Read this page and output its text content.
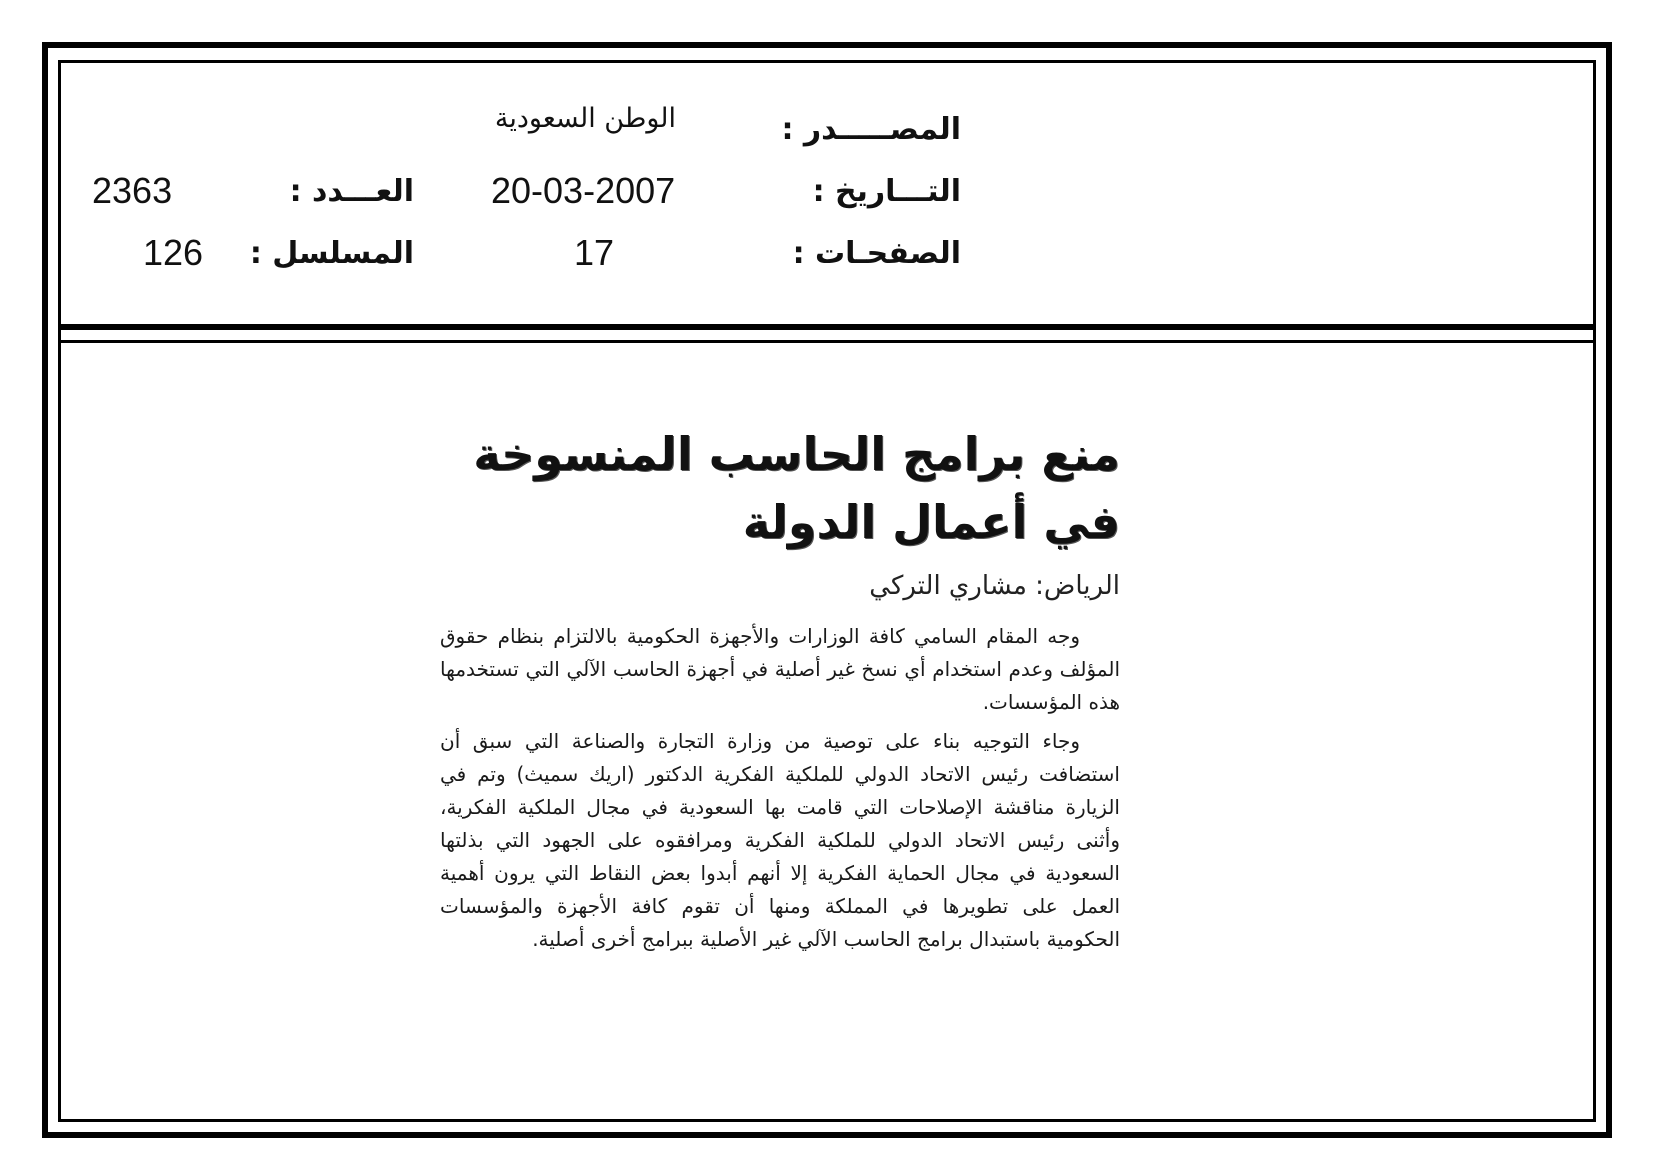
المصـــــدر :
الوطن السعودية
التـــاريخ :
20-03-2007
العـــدد :
2363
الصفحـات :
17
المسلسل :
126
منع برامج الحاسب المنسوخة في أعمال الدولة
الرياض: مشاري التركي

وجه المقام السامي كافة الوزارات والأجهزة الحكومية بالالتزام بنظام حقوق المؤلف وعدم استخدام أي نسخ غير أصلية في أجهزة الحاسب الآلي التي تستخدمها هذه المؤسسات.

وجاء التوجيه بناء على توصية من وزارة التجارة والصناعة التي سبق أن استضافت رئيس الاتحاد الدولي للملكية الفكرية الدكتور (اريك سميث) وتم في الزيارة مناقشة الإصلاحات التي قامت بها السعودية في مجال الملكية الفكرية، وأثنى رئيس الاتحاد الدولي للملكية الفكرية ومرافقوه على الجهود التي بذلتها السعودية في مجال الحماية الفكرية إلا أنهم أبدوا بعض النقاط التي يرون أهمية العمل على تطويرها في المملكة ومنها أن تقوم كافة الأجهزة والمؤسسات الحكومية باستبدال برامج الحاسب الآلي غير الأصلية ببرامج أخرى أصلية.
